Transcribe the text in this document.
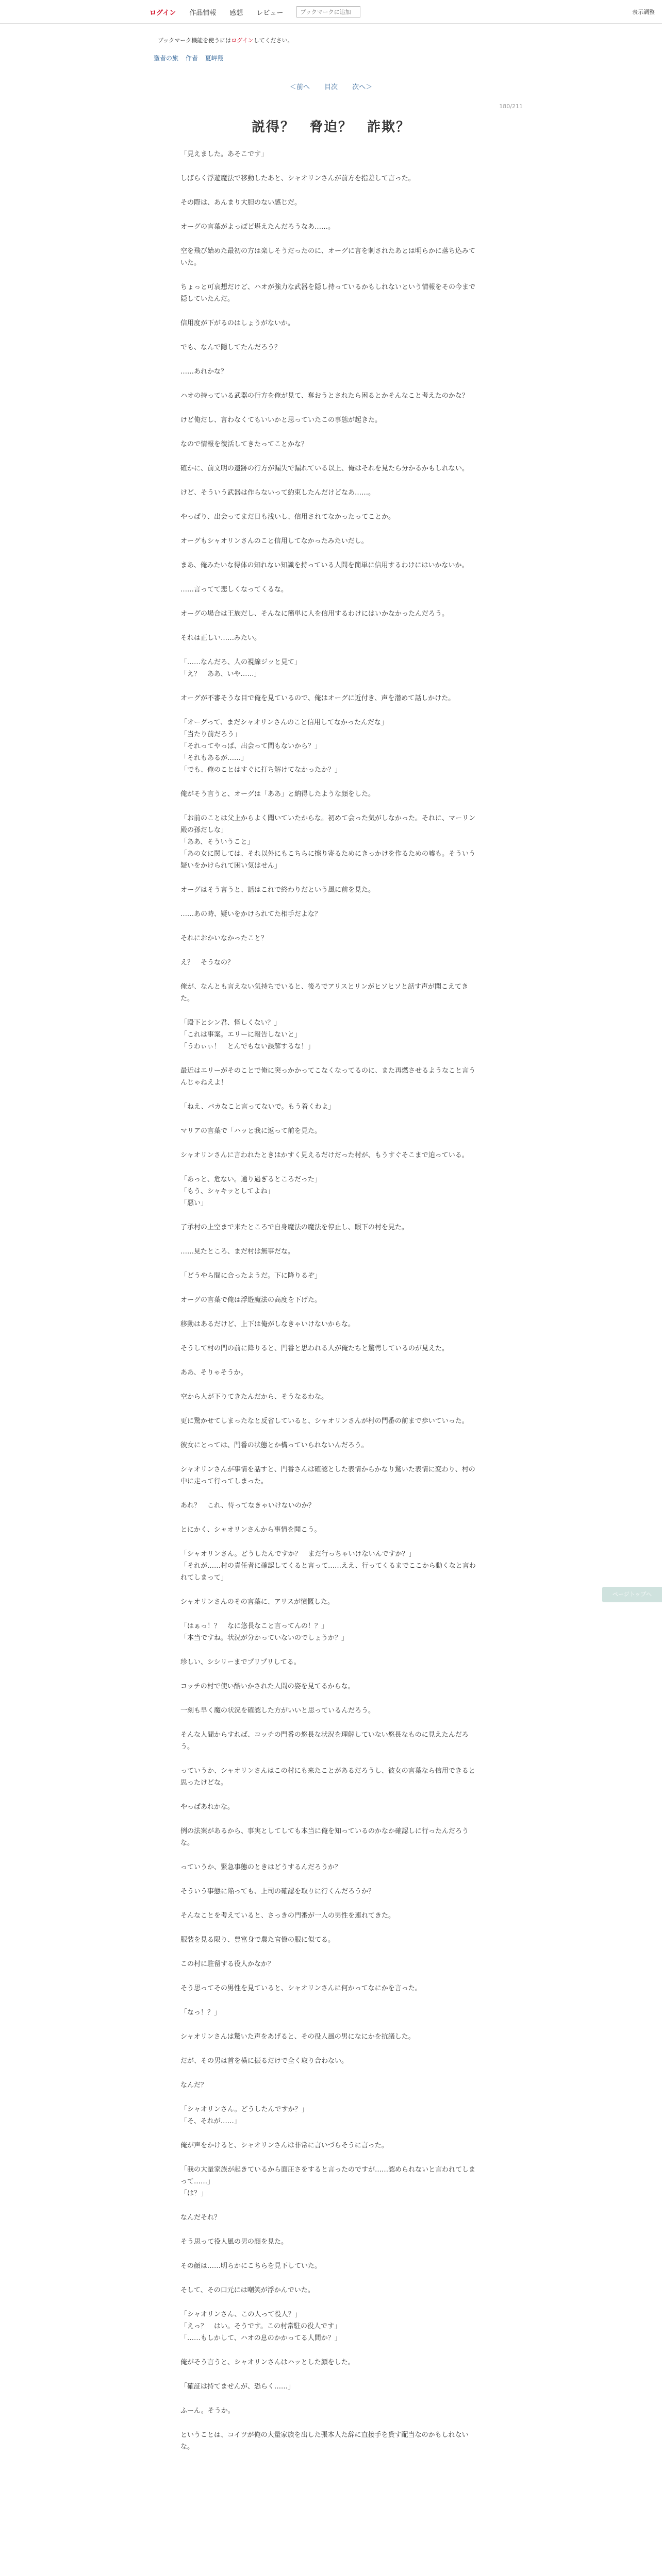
ログイン 作品情報 感想 レビュー
ブックマークに追加	表示調整
ブックマーク機能を使うにはログインしてください。
聖者の旅 作者 夏岬翔
＜前へ 目次 次へ＞
180/211
説得？　脅迫？　詐欺？
「見えました。あそこです」
しばらく浮遊魔法で移動したあと、シャオリンさんが前方を指差して言った。
その際は、あんまり大胆のない感じだ。
オーグの言葉がよっぽど堪えたんだろうなあ……。
空を飛び始めた最初の方は楽しそうだったのに、オーグに言を刺されたあとは明らかに落ち込みていた。
ちょっと可哀想だけど、ハオが強力な武器を隠し持っているかもしれないという情報をその今まで隠していたんだ。
信用度が下がるのはしょうがないか。
でも、なんで隠してたんだろう？
……あれかな？
ハオの持っている武器の行方を俺が見て、奪おうとされたら困るとかそんなこと考えたのかな？
けど俺だし、言わなくてもいいかと思っていたこの事態が起きた。
なので情報を復活してきたってことかな？
確かに、前文明の遺跡の行方が漏失で漏れている以上、俺はそれを見たら分かるかもしれない。
けど、そういう武器は作らないって約束したんだけどなあ……。
やっぱり、出会ってまだ日も浅いし、信用されてなかったってことか。
オーグもシャオリンさんのこと信用してなかったみたいだし。
まあ、俺みたいな得体の知れない知識を持っている人間を簡単に信用するわけにはいかないか。
……言ってて悲しくなってくるな。
オーグの場合は王族だし、そんなに簡単に人を信用するわけにはいかなかったんだろう。
それは正しい……みたい。
「……なんだろ、人の視線ジッと見て」
「え？　ああ、いや……」
オーグが不審そうな目で俺を見ているので、俺はオーグに近付き、声を潜めて話しかけた。
「オーグって、まだシャオリンさんのこと信用してなかったんだな」
「当たり前だろう」
「それってやっぱ、出会って間もないから？」
「それもあるが……」
「でも、俺のことはすぐに打ち解けてなかったか？」
俺がそう言うと、オーグは「ああ」と納得したような顔をした。
「お前のことは父上からよく聞いていたからな。初めて会った気がしなかった。それに、マーリン殿の孫だしな」
「ああ、そういうこと」
「あの女に関しては、それ以外にもこちらに擦り寄るためにきっかけを作るための嘘も。そういう疑いをかけられて困い気はせん」
オーグはそう言うと、話はこれで終わりだという風に前を見た。
……あの時、疑いをかけられてた相手だよな？
それにおかいなかったこと？
え？　そうなの？
俺が、なんとも言えない気持ちでいると、後ろでアリスとリンがヒソヒソと話す声が聞こえてきた。
「殿下とシン君、怪しくない？」
「これは事案。エリーに報告しないと」
「うわぃぃ！　とんでもない誤解するな！」
最近はエリーがそのことで俺に突っかかってこなくなってるのに、また再燃させるようなこと言うんじゃねえよ！
「ねえ、バカなこと言ってないで。もう着くわよ」
マリアの言葉で「ハッと我に返って前を見た。
シャオリンさんに言われたときはかすく見えるだけだった村が、もうすぐそこまで迫っている。
「あっと、危ない。通り過ぎるところだった」
「もう、シャキッとしてよね」
「悪い」
了承村の上空まで来たところで自身魔法の魔法を停止し、眼下の村を見た。
……見たところ、まだ村は無事だな。
「どうやら間に合ったようだ。下に降りるぞ」
オーグの言葉で俺は浮遊魔法の高度を下げた。
移動はあるだけど、上下は俺がしなきゃいけないからな。
そうして村の門の前に降りると、門番と思われる人が俺たちと驚愕しているのが見えた。
ああ、そりゃそうか。
空から人が下りてきたんだから、そうなるわな。
更に驚かせてしまったなと反省していると、シャオリンさんが村の門番の前まで歩いていった。
彼女にとっては、門番の状態とか構っていられないんだろう。
シャオリンさんが事情を話すと、門番さんは確認とした表情からかなり驚いた表情に変わり、村の中に走って行ってしまった。
あれ？　これ、待ってなきゃいけないのか？
とにかく、シャオリンさんから事情を聞こう。
「シャオリンさん。どうしたんですか？　まだ行っちゃいけないんですか？」
「それが……村の責任者に確認してくると言って……ええ、行ってくるまでここから動くなと言われてしまって」
シャオリンさんのその言葉に、アリスが憤慨した。
「はぁっ！？　なに悠長なこと言ってんの！？」
「本当ですね。状況が分かっていないのでしょうか？」
珍しい、シシリーまでプリプリしてる。
コッチの村で使い酷いかされた人間の姿を見てるからな。
一刻も早く魔の状況を確認した方がいいと思っているんだろう。
そんな人間からすれば、コッチの門番の悠長な状況を理解していない悠長なものに見えたんだろう。
っていうか、シャオリンさんはこの村にも来たことがあるだろうし、彼女の言葉なら信用できると思ったけどな。
やっぱあれかな。
例の法案があるから、事実としてしても本当に俺を知っているのかなか確認しに行ったんだろうな。
っていうか、緊急事態のときはどうするんだろうか？
そういう事態に陥っても、上司の確認を取りに行くんだろうか？
そんなことを考えていると、さっきの門番が一人の男性を連れてきた。
服装を見る限り、豊富身で農た官僚の服に似てる。
この村に駐留する役人かなか？
そう思ってその男性を見ていると、シャオリンさんに何かってなにかを言った。
「なっ！？」
シャオリンさんは驚いた声をあげると、その役人風の男になにかを抗議した。
だが、その男は首を横に振るだけで全く取り合わない。
なんだ？
「シャオリンさん。どうしたんですか？」
「そ、それが……」
俺が声をかけると、シャオリンさんは非常に言いづらそうに言った。
「我の大量家族が起きているから面圧さをすると言ったのですが……認められないと言われてしまって……」
「は？」
なんだそれ？
そう思って役人風の男の顔を見た。
その顔は……明らかにこちらを見下していた。
そして、その口元には嘲笑が浮かんでいた。
「シャオリンさん、この人って役人？」
「えっ？　はい。そうです。この村常駐の役人です」
「……もしかして、ハオの息のかかってる人間か？」
俺がそう言うと、シャオリンさんはハッとした顔をした。
「確証は持てませんが、恐らく……」
ふーん。そうか。
ということは、コイツが俺の大量家族を出した張本人た辞に直接手を貸す配当なのかもしれないな。
ページトップへ
